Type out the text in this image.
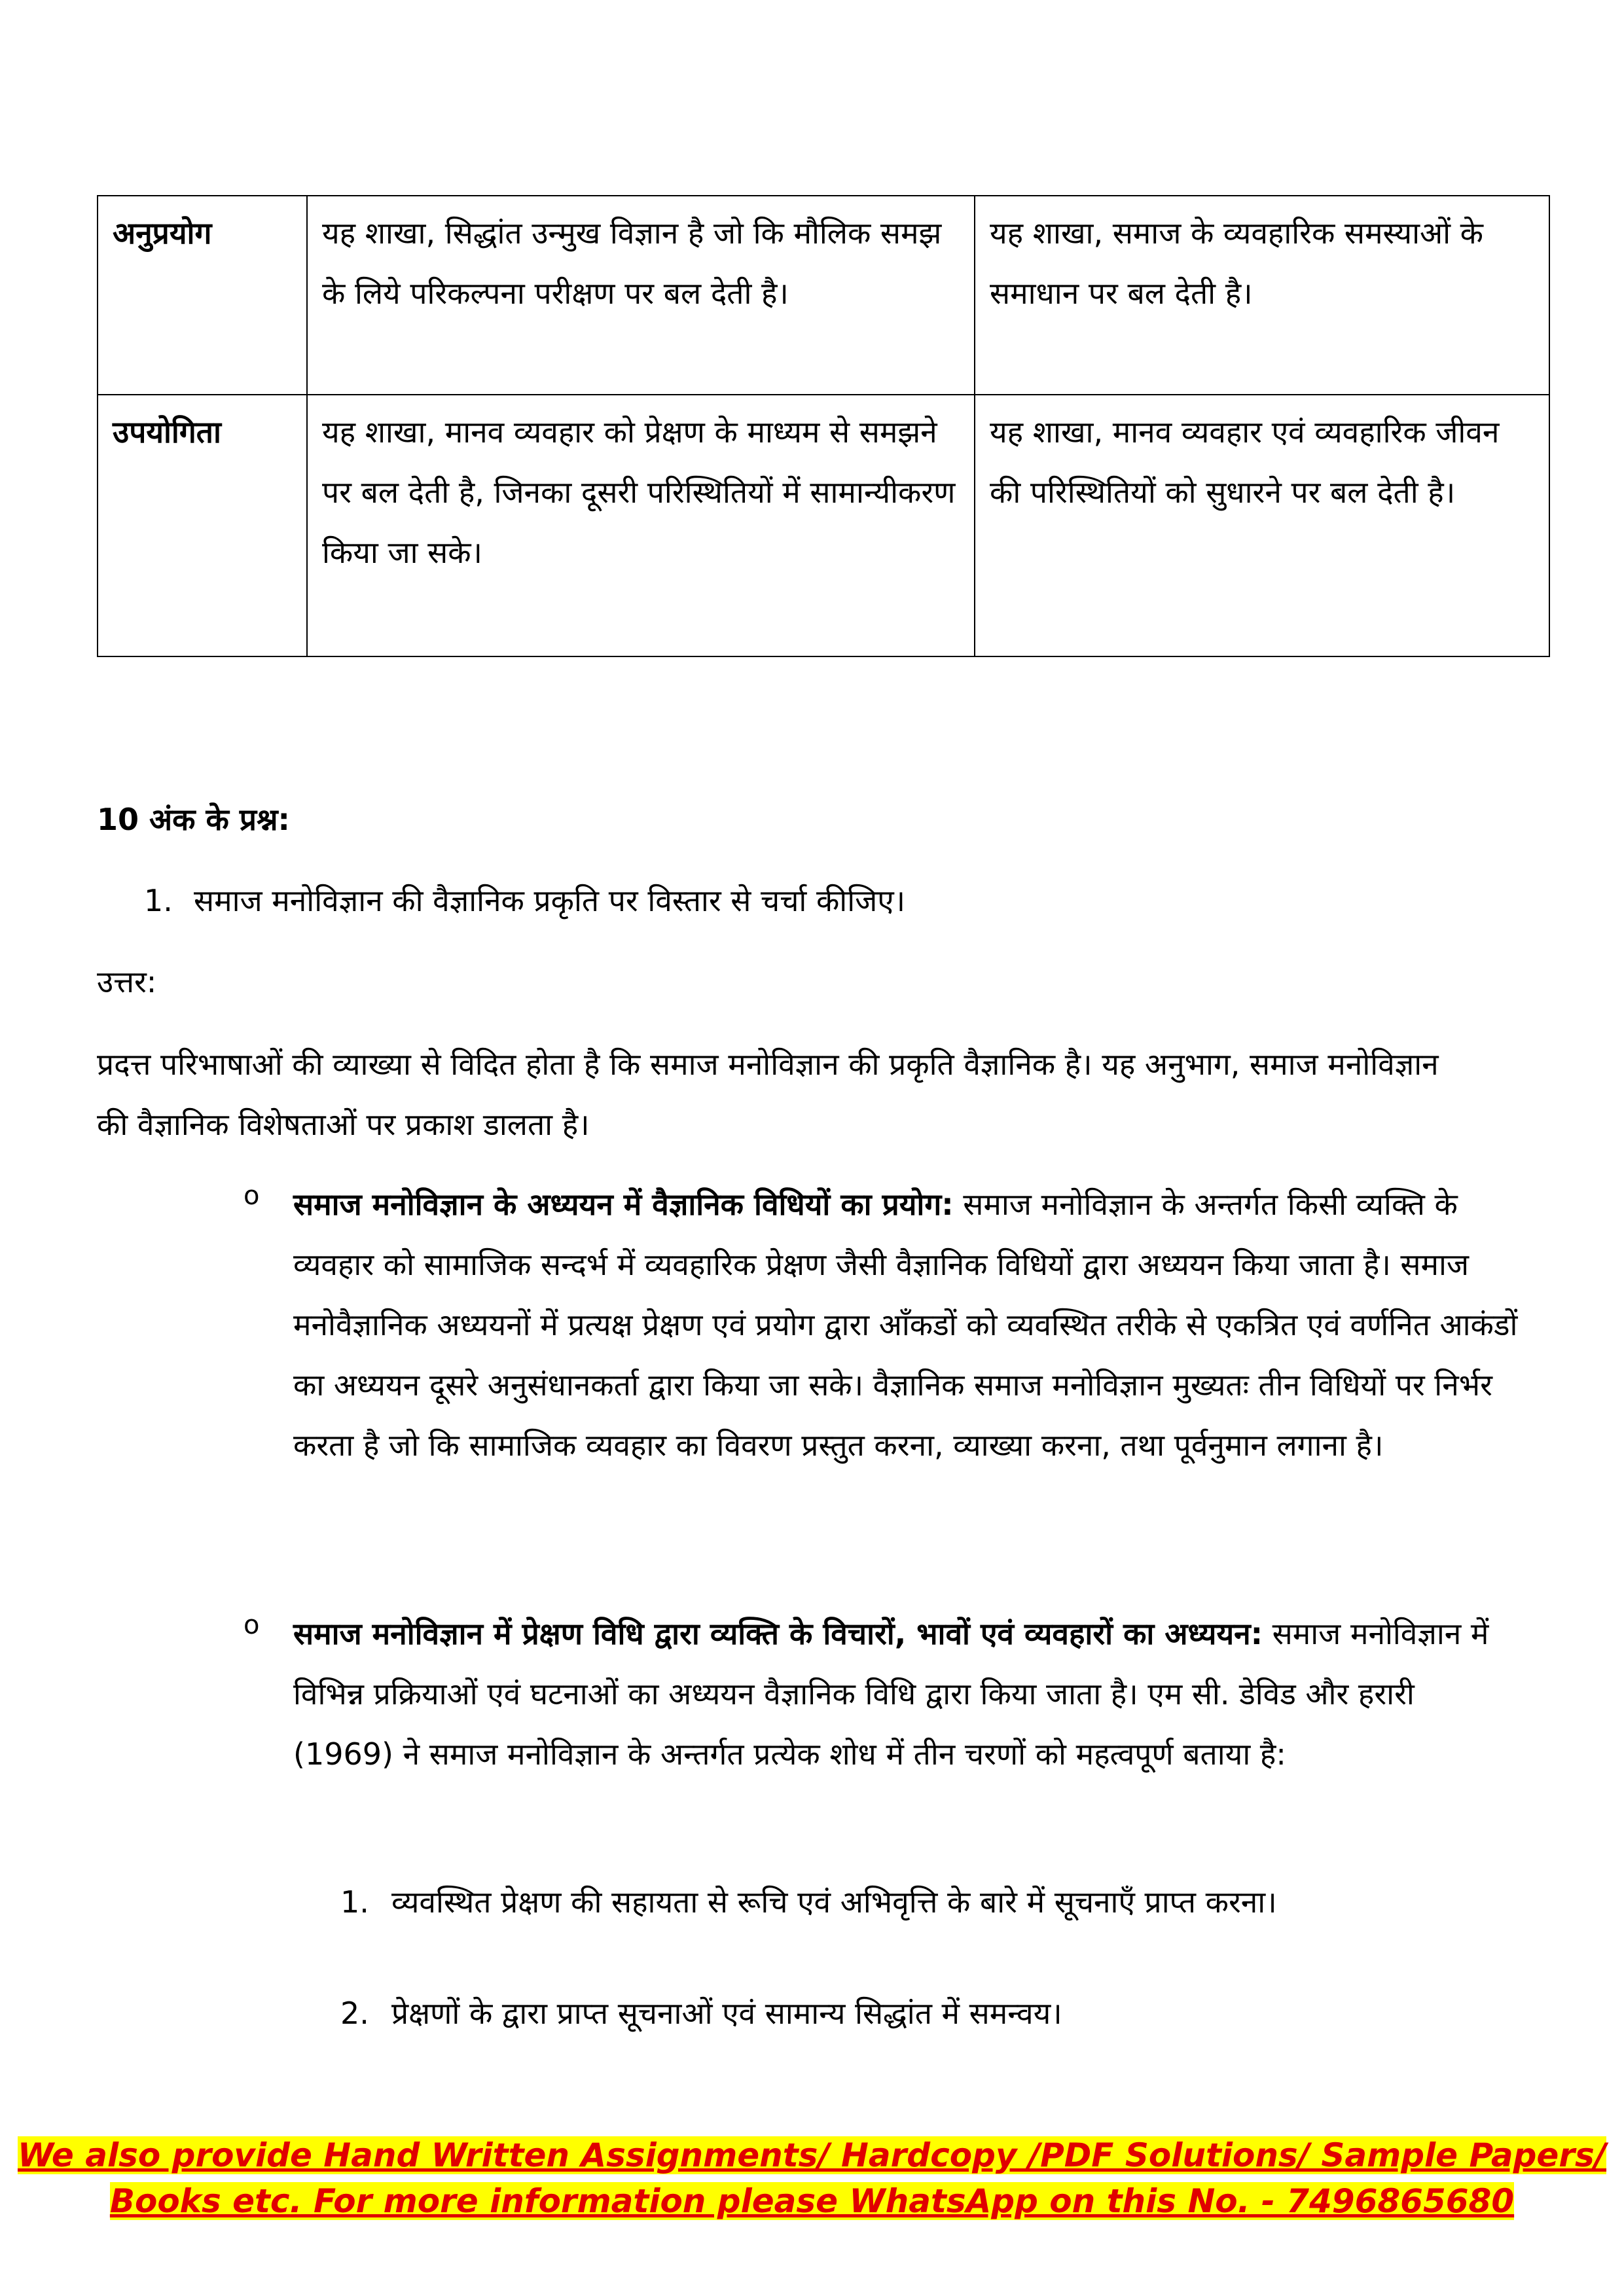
अनुप्रयोग	यह शाखा, सिद्धांत उन्मुख विज्ञान है जो कि मौलिक समझ के लिये परिकल्पना परीक्षण पर बल देती है।	यह शाखा, समाज के व्यवहारिक समस्याओं के समाधान पर बल देती है।
उपयोगिता	यह शाखा, मानव व्यवहार को प्रेक्षण के माध्यम से समझने पर बल देती है, जिनका दूसरी परिस्थितियों में सामान्यीकरण किया जा सके।	यह शाखा, मानव व्यवहार एवं व्यवहारिक जीवन की परिस्थितियों को सुधारने पर बल देती है।
10 अंक के प्रश्न:
1. समाज मनोविज्ञान की वैज्ञानिक प्रकृति पर विस्तार से चर्चा कीजिए।
उत्तर:
प्रदत्त परिभाषाओं की व्याख्या से विदित होता है कि समाज मनोविज्ञान की प्रकृति वैज्ञानिक है। यह अनुभाग, समाज मनोविज्ञान की वैज्ञानिक विशेषताओं पर प्रकाश डालता है।
o समाज मनोविज्ञान के अध्ययन में वैज्ञानिक विधियों का प्रयोग: समाज मनोविज्ञान के अन्तर्गत किसी व्यक्ति के व्यवहार को सामाजिक सन्दर्भ में व्यवहारिक प्रेक्षण जैसी वैज्ञानिक विधियों द्वारा अध्ययन किया जाता है। समाज मनोवैज्ञानिक अध्ययनों में प्रत्यक्ष प्रेक्षण एवं प्रयोग द्वारा आँकडों को व्यवस्थित तरीके से एकत्रित एवं वर्णनित आकंडों का अध्ययन दूसरे अनुसंधानकर्ता द्वारा किया जा सके। वैज्ञानिक समाज मनोविज्ञान मुख्यतः तीन विधियों पर निर्भर करता है जो कि सामाजिक व्यवहार का विवरण प्रस्तुत करना, व्याख्या करना, तथा पूर्वनुमान लगाना है।
o समाज मनोविज्ञान में प्रेक्षण विधि द्वारा व्यक्ति के विचारों, भावों एवं व्यवहारों का अध्ययन: समाज मनोविज्ञान में विभिन्न प्रक्रियाओं एवं घटनाओं का अध्ययन वैज्ञानिक विधि द्वारा किया जाता है। एम सी. डेविड और हरारी (1969) ने समाज मनोविज्ञान के अन्तर्गत प्रत्येक शोध में तीन चरणों को महत्वपूर्ण बताया है:
1. व्यवस्थित प्रेक्षण की सहायता से रूचि एवं अभिवृत्ति के बारे में सूचनाएँ प्राप्त करना।
2. प्रेक्षणों के द्वारा प्राप्त सूचनाओं एवं सामान्य सिद्धांत में समन्वय।
We also provide Hand Written Assignments/ Hardcopy /PDF Solutions/ Sample Papers/
Books etc. For more information please WhatsApp on this No. - 7496865680
